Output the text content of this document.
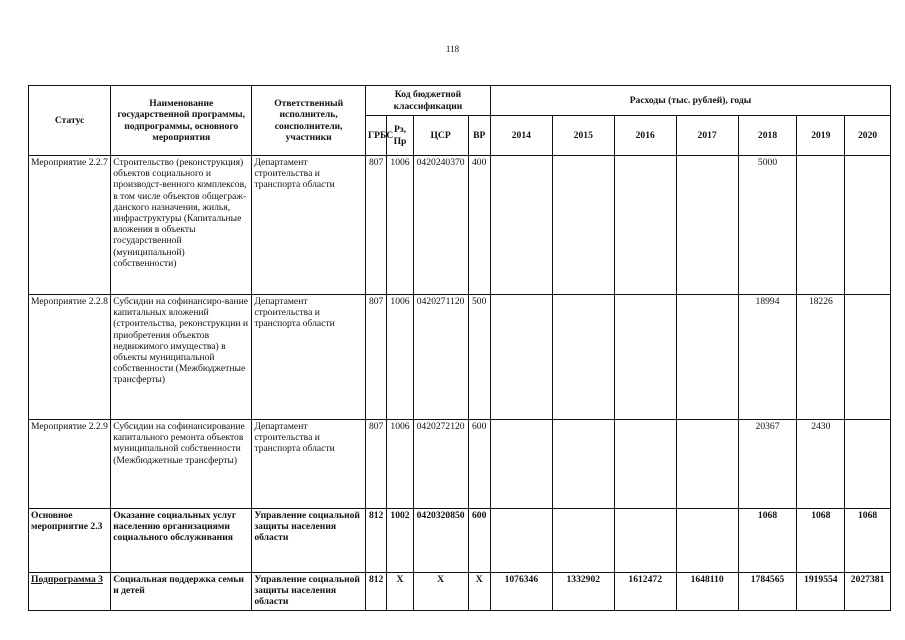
118
Статус	Наименование государственной программы, подпрограммы, основного мероприятия	Ответственный исполнитель, соисполнители, участники	Код бюджетной классификации				Расходы (тыс. рублей), годы						
			ГРБС	Рз, Пр	ЦСР	ВР	2014	2015	2016	2017	2018	2019	2020
Мероприятие 2.2.7	Строительство (реконструкция) объектов социального и производст-венного комплексов, в том числе объектов общеграж-данского назначения, жилья, инфраструктуры (Капитальные вложения в объекты государственной (муниципальной) собственности)	Департамент строительства и транспорта области	807	1006	0420240370	400					5000		
Мероприятие 2.2.8	Субсидии на софинансиро-вание капитальных вложений (строительства, реконструкции и приобретения объектов недвижимого имущества) в объекты муниципальной собственности (Межбюджетные трансферты)	Департамент строительства и транспорта области	807	1006	0420271120	500					18994	18226	
Мероприятие 2.2.9	Субсидии на софинансирование капитального ремонта объектов муниципальной собственности (Межбюджетные трансферты)	Департамент строительства и транспорта области	807	1006	0420272120	600					20367	2430	
Основное мероприятие 2.3	Оказание социальных услуг населению организациями социального обслуживания	Управление социальной защиты населения области	812	1002	0420320850	600					1068	1068	1068
Подпрограмма 3	Социальная поддержка семьи и детей	Управление социальной защиты населения области	812	X	X	X	1076346	1332902	1612472	1648110	1784565	1919554	2027381
